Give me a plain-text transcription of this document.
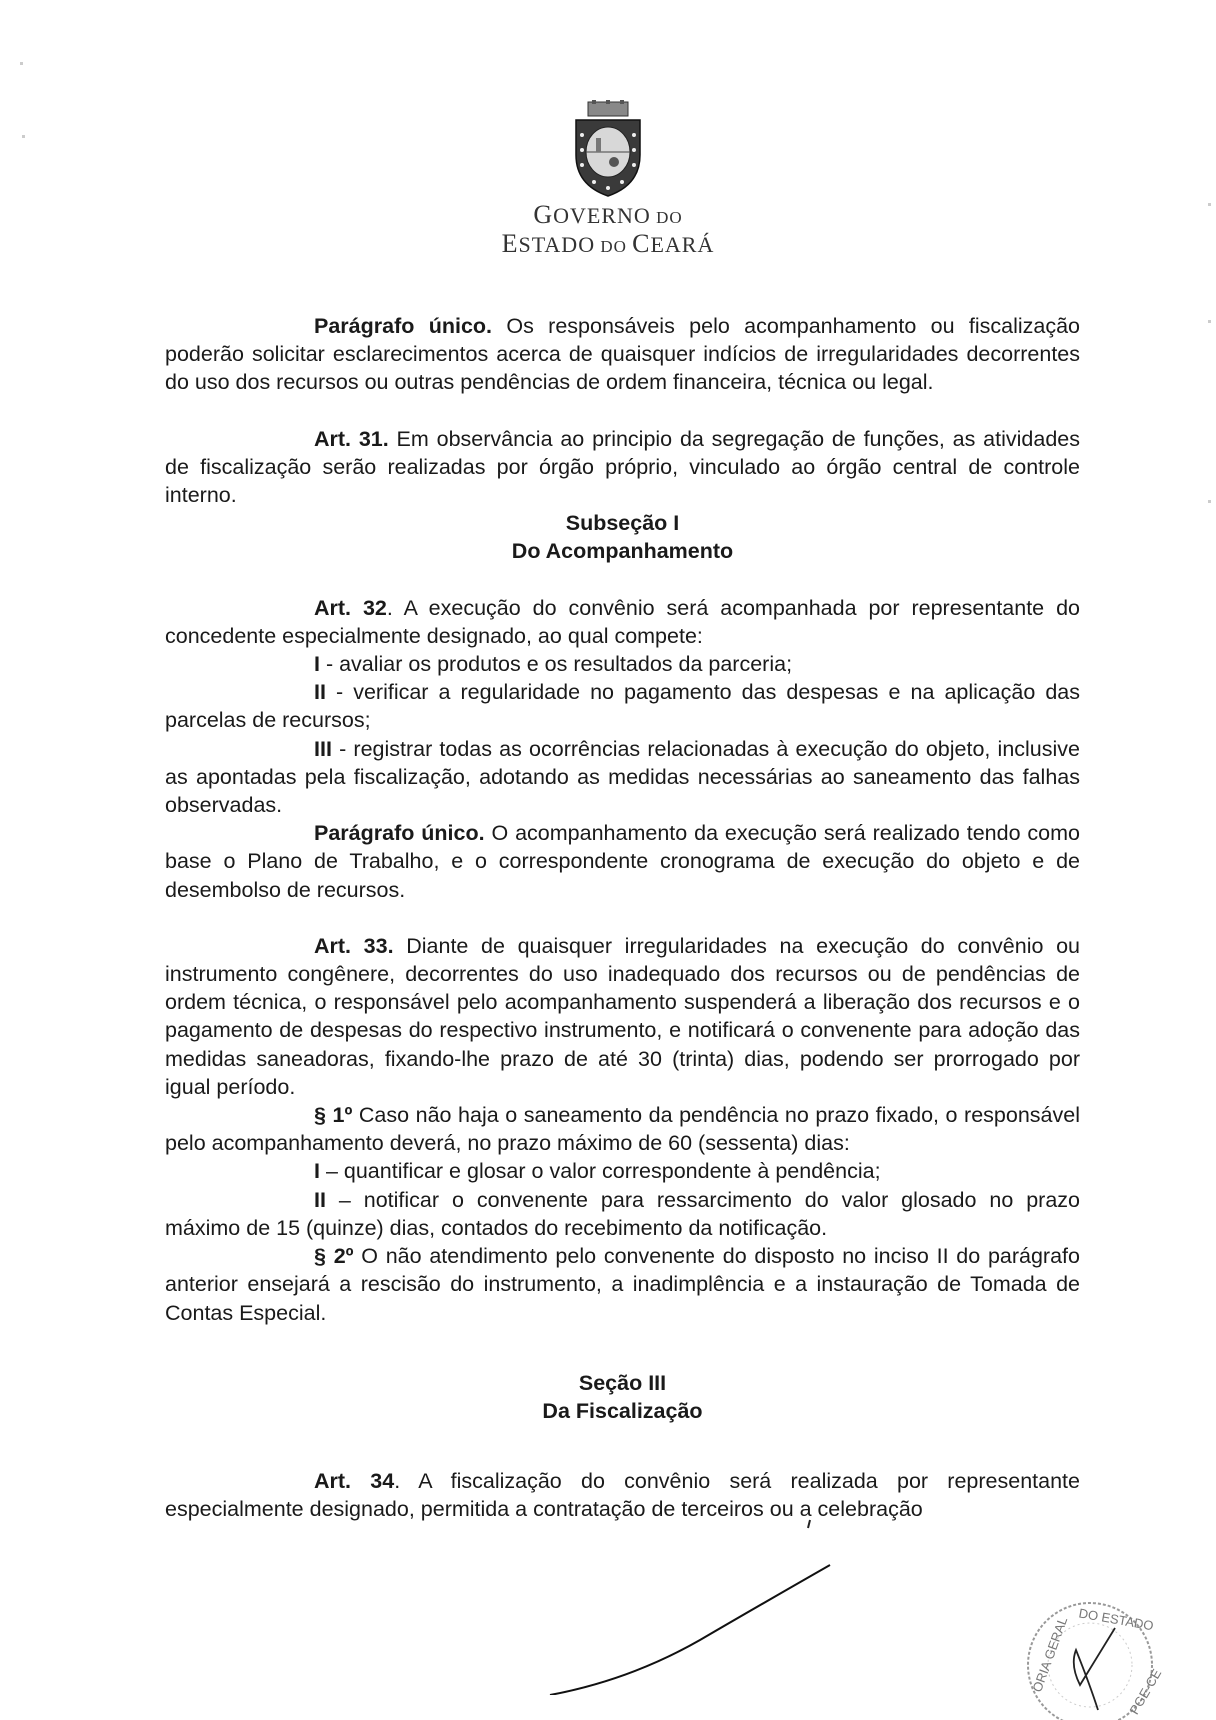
GOVERNO DO
ESTADO DO CEARÁ

Parágrafo único. Os responsáveis pelo acompanhamento ou fiscalização poderão solicitar esclarecimentos acerca de quaisquer indícios de irregularidades decorrentes do uso dos recursos ou outras pendências de ordem financeira, técnica ou legal.

Art. 31. Em observância ao principio da segregação de funções, as atividades de fiscalização serão realizadas por órgão próprio, vinculado ao órgão central de controle interno.

Subseção I

Do Acompanhamento

Art. 32. A execução do convênio será acompanhada por representante do concedente especialmente designado, ao qual compete:

I - avaliar os produtos e os resultados da parceria;

II - verificar a regularidade no pagamento das despesas e na aplicação das parcelas de recursos;

III - registrar todas as ocorrências relacionadas à execução do objeto, inclusive as apontadas pela fiscalização, adotando as medidas necessárias ao saneamento das falhas observadas.

Parágrafo único. O acompanhamento da execução será realizado tendo como base o Plano de Trabalho, e o correspondente cronograma de execução do objeto e de desembolso de recursos.

Art. 33. Diante de quaisquer irregularidades na execução do convênio ou instrumento congênere, decorrentes do uso inadequado dos recursos ou de pendências de ordem técnica, o responsável pelo acompanhamento suspenderá a liberação dos recursos e o pagamento de despesas do respectivo instrumento, e notificará o convenente para adoção das medidas saneadoras, fixando-lhe prazo de até 30 (trinta) dias, podendo ser prorrogado por igual período.

§ 1º Caso não haja o saneamento da pendência no prazo fixado, o responsável pelo acompanhamento deverá, no prazo máximo de 60 (sessenta) dias:

I – quantificar e glosar o valor correspondente à pendência;

II – notificar o convenente para ressarcimento do valor glosado no prazo máximo de 15 (quinze) dias, contados do recebimento da notificação.

§ 2º O não atendimento pelo convenente do disposto no inciso II do parágrafo anterior ensejará a rescisão do instrumento, a inadimplência e a instauração de Tomada de Contas Especial.

Seção III

Da Fiscalização

Art. 34. A fiscalização do convênio será realizada por representante especialmente designado, permitida a contratação de terceiros ou a celebração

DO ESTADO
ORIA GERAL	PGE-CE
